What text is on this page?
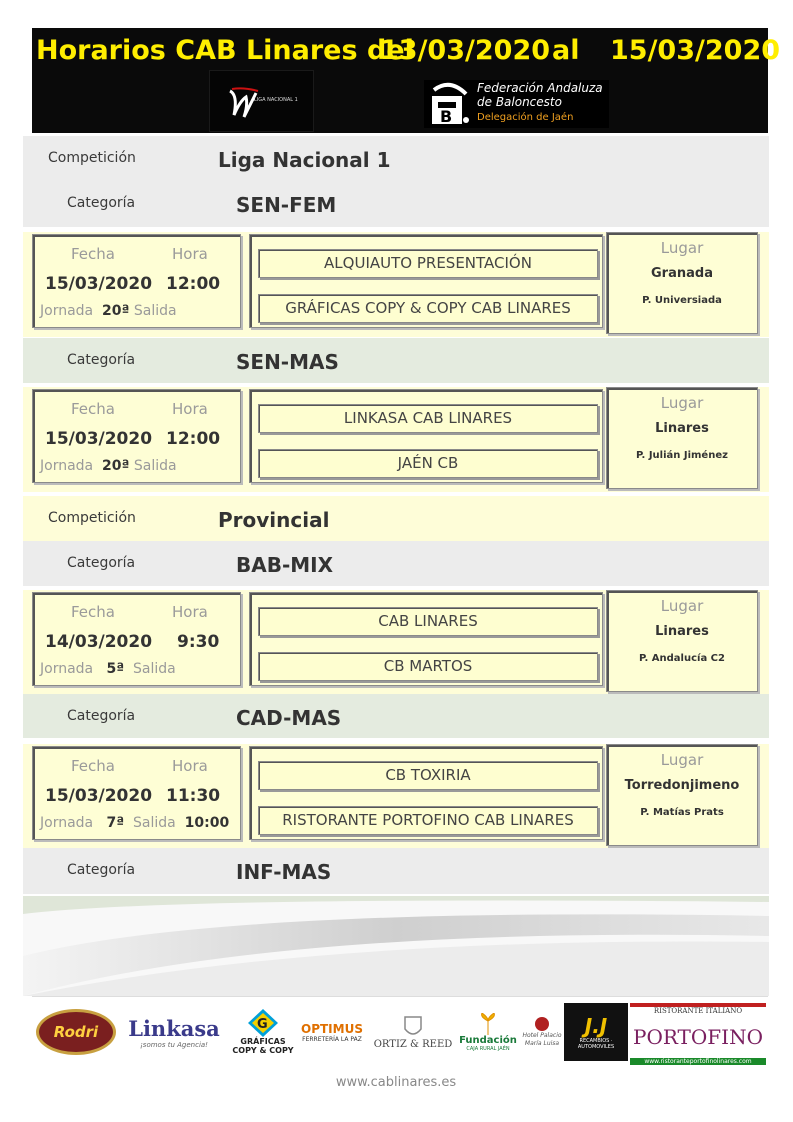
Horarios CAB Linares del
13/03/2020 al 15/03/2020
LIGA NACIONAL 1
B
Federación Andaluza
de Baloncesto
Delegación de Jaén
Competición	Liga Nacional 1
Categoría	SEN-FEM
Fecha	Hora
15/03/2020 12:00
Jornada 20ª Salida
ALQUIAUTO PRESENTACIÓN
GRÁFICAS COPY & COPY CAB LINARES
Lugar
Granada
P. Universiada
Categoría	SEN-MAS
Fecha	Hora
15/03/2020 12:00
Jornada 20ª Salida
LINKASA CAB LINARES
JAÉN CB
Lugar
Linares
P. Julián Jiménez
Competición	Provincial
Categoría	BAB-MIX
Fecha	Hora
14/03/2020 9:30
Jornada 5ª Salida
CAB LINARES
CB MARTOS
Lugar
Linares
P. Andalucía C2
Categoría	CAD-MAS
Fecha	Hora
15/03/2020 11:30
Jornada 7ª Salida 10:00
CB TOXIRIA
RISTORANTE PORTOFINO CAB LINARES
Lugar
Torredonjimeno
P. Matías Prats
Categoría	INF-MAS
Rodri Linkasa
¡somos tu Agencia!
G
GRÁFICAS COPY & COPY
OPTIMUS
FERRETERÍA LA PAZ ORTIZ & REED Fundación
CAJA RURAL JAÉN
Hotel Palacio María Luisa
J.J
RECAMBIOS · AUTOMOVILES
RISTORANTE ITALIANO
PORTOFINO
www.ristoranteportofinolinares.com
www.cablinares.es
